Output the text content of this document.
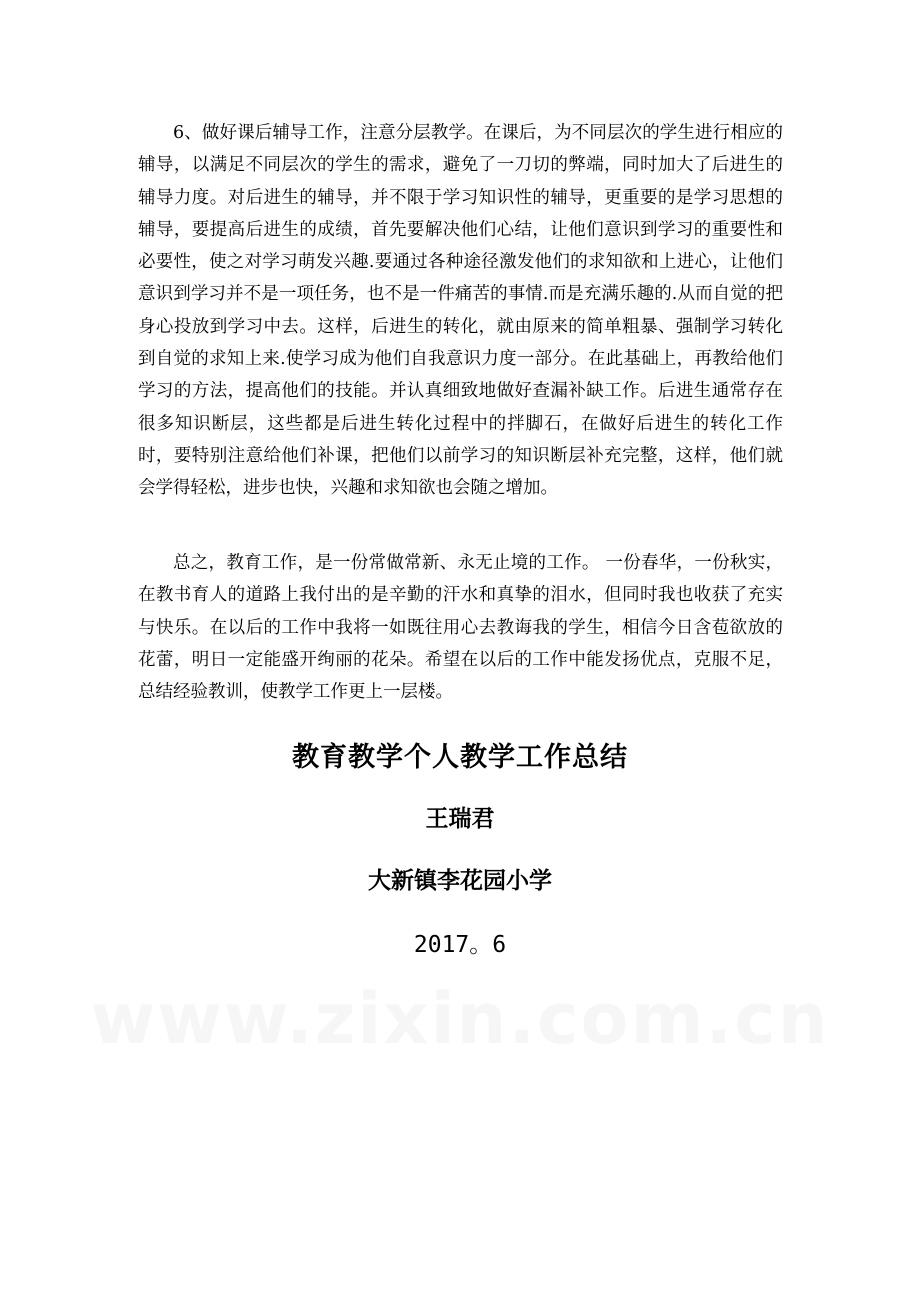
6、做好课后辅导工作，注意分层教学。在课后，为不同层次的学生进行相应的辅导，以满足不同层次的学生的需求，避免了一刀切的弊端，同时加大了后进生的辅导力度。对后进生的辅导，并不限于学习知识性的辅导，更重要的是学习思想的辅导，要提高后进生的成绩，首先要解决他们心结，让他们意识到学习的重要性和必要性，使之对学习萌发兴趣.要通过各种途径激发他们的求知欲和上进心，让他们意识到学习并不是一项任务，也不是一件痛苦的事情.而是充满乐趣的.从而自觉的把身心投放到学习中去。这样，后进生的转化，就由原来的简单粗暴、强制学习转化到自觉的求知上来.使学习成为他们自我意识力度一部分。在此基础上，再教给他们学习的方法，提高他们的技能。并认真细致地做好查漏补缺工作。后进生通常存在很多知识断层，这些都是后进生转化过程中的拌脚石，在做好后进生的转化工作时，要特别注意给他们补课，把他们以前学习的知识断层补充完整，这样，他们就会学得轻松，进步也快，兴趣和求知欲也会随之增加。

总之，教育工作，是一份常做常新、永无止境的工作。 一份春华，一份秋实，在教书育人的道路上我付出的是辛勤的汗水和真挚的泪水，但同时我也收获了充实与快乐。在以后的工作中我将一如既往用心去教诲我的学生，相信今日含苞欲放的花蕾，明日一定能盛开绚丽的花朵。希望在以后的工作中能发扬优点，克服不足，总结经验教训，使教学工作更上一层楼。

教育教学个人教学工作总结
王瑞君
大新镇李花园小学
2017。6
